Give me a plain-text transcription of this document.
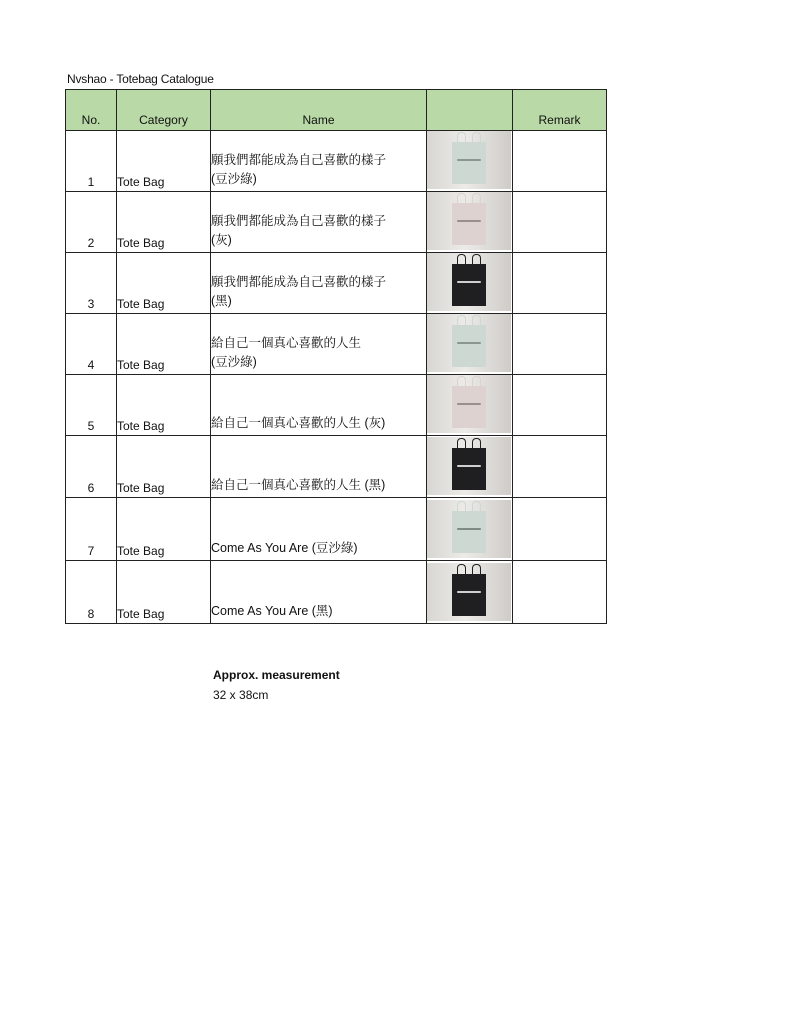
Nvshao - Totebag Catalogue
No.	Category	Name		Remark
1	Tote Bag	願我們都能成為自己喜歡的樣子
(豆沙綠)		

2	Tote Bag	願我們都能成為自己喜歡的樣子
(灰)		

3	Tote Bag	願我們都能成為自己喜歡的樣子
(黑)		

4	Tote Bag	給自己一個真心喜歡的人生
(豆沙綠)		

5	Tote Bag	給自己一個真心喜歡的人生 (灰)		

6	Tote Bag	給自己一個真心喜歡的人生 (黑)		

7	Tote Bag	Come As You Are (豆沙綠)		

8	Tote Bag	Come As You Are (黑)		

Approx. measurement
32 x 38cm
